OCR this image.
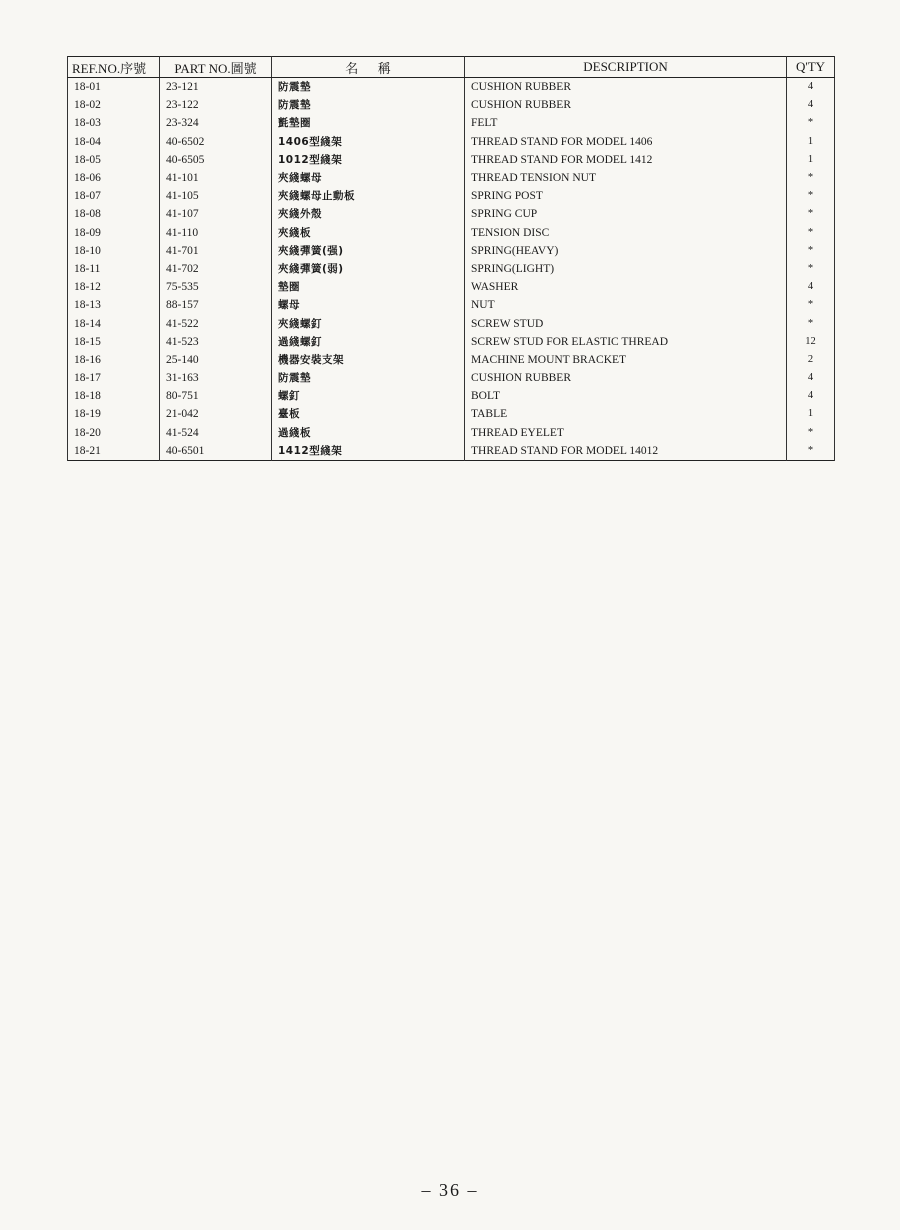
REF.NO.序號	PART NO.圖號	名      稱	DESCRIPTION	Q'TY
18-01	23-121	防震墊	CUSHION RUBBER	4
18-02	23-122	防震墊	CUSHION RUBBER	4
18-03	23-324	氈墊圈	FELT	*
18-04	40-6502	1406型綫架	THREAD STAND FOR MODEL 1406	1
18-05	40-6505	1012型綫架	THREAD STAND FOR MODEL 1412	1
18-06	41-101	夾綫螺母	THREAD TENSION NUT	*
18-07	41-105	夾綫螺母止動板	SPRING POST	*
18-08	41-107	夾綫外殼	SPRING CUP	*
18-09	41-110	夾綫板	TENSION DISC	*
18-10	41-701	夾綫彈簧(强)	SPRING(HEAVY)	*
18-11	41-702	夾綫彈簧(弱)	SPRING(LIGHT)	*
18-12	75-535	墊圈	WASHER	4
18-13	88-157	螺母	NUT	*
18-14	41-522	夾綫螺釘	SCREW STUD	*
18-15	41-523	過綫螺釘	SCREW STUD FOR ELASTIC THREAD	12
18-16	25-140	機器安裝支架	MACHINE MOUNT BRACKET	2
18-17	31-163	防震墊	CUSHION RUBBER	4
18-18	80-751	螺釘	BOLT	4
18-19	21-042	臺板	TABLE	1
18-20	41-524	過綫板	THREAD EYELET	*
18-21	40-6501	1412型綫架	THREAD STAND FOR MODEL 14012	*
– 36 –
